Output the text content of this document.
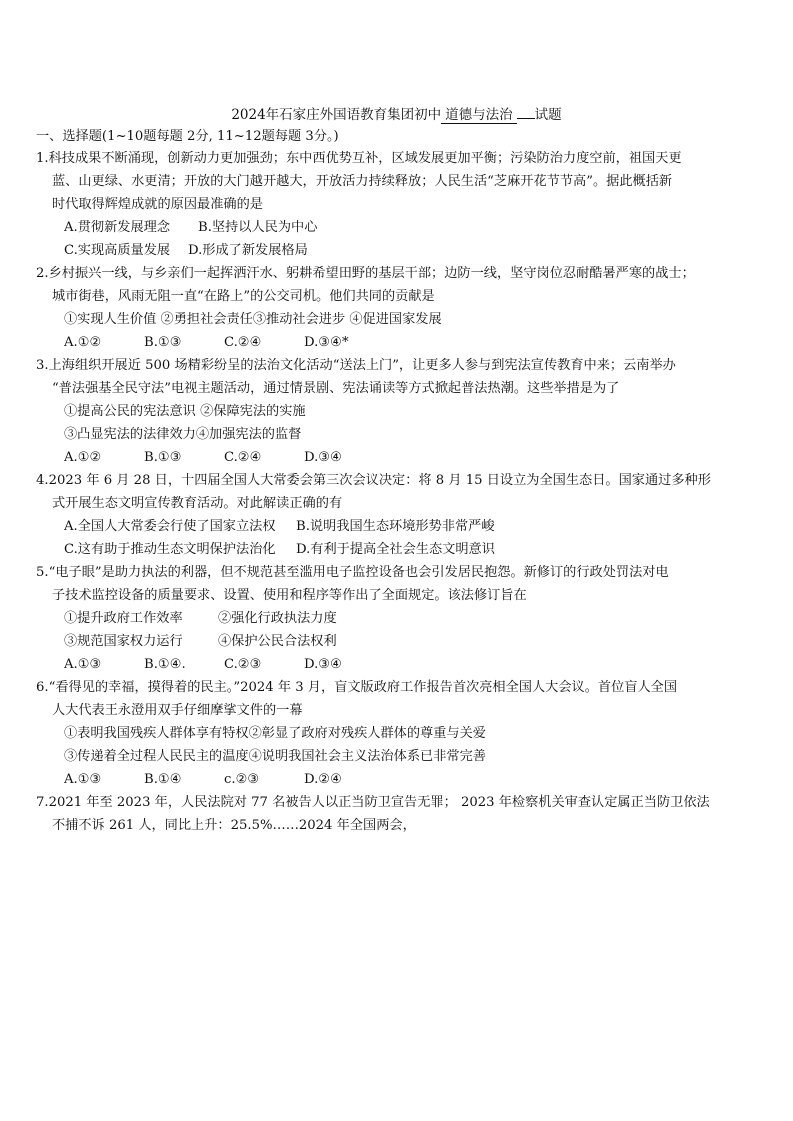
2024年石家庄外国语教育集团初中 道德与法治 试题
一、选择题(1~10题每题 2分, 11~12题每题 3分。)
1.科技成果不断涌现，创新动力更加强劲；东中西优势互补，区域发展更加平衡；污染防治力度空前，祖国天更
蓝、山更绿、水更清；开放的大门越开越大，开放活力持续释放；人民生活“芝麻开花节节高”。据此概括新
时代取得辉煌成就的原因最准确的是
A.贯彻新发展理念 B.坚持以人民为中心
C.实现高质量发展 D.形成了新发展格局
2.乡村振兴一线，与乡亲们一起挥洒汗水、躬耕希望田野的基层干部；边防一线，坚守岗位忍耐酷暑严寒的战士；
城市街巷，风雨无阻一直“在路上”的公交司机。他们共同的贡献是
①实现人生价值 ②勇担社会责任③推动社会进步 ④促进国家发展
A.①②	B.①③	C.②④	D.③④*
3.上海组织开展近 500 场精彩纷呈的法治文化活动“送法上门”，让更多人参与到宪法宣传教育中来；云南举办
“普法强基全民守法”电视主题活动，通过情景剧、宪法诵读等方式掀起普法热潮。这些举措是为了
①提高公民的宪法意识 ②保障宪法的实施
③凸显宪法的法律效力④加强宪法的监督
A.①②	B.①③	C.②④	D.③④
4.2023 年 6 月 28 日，十四届全国人大常委会第三次会议决定：将 8 月 15 日设立为全国生态日。国家通过多种形
式开展生态文明宣传教育活动。对此解读正确的有
A.全国人大常委会行使了国家立法权 B.说明我国生态环境形势非常严峻
C.这有助于推动生态文明保护法治化 D.有利于提高全社会生态文明意识
5.“电子眼”是助力执法的利器，但不规范甚至滥用电子监控设备也会引发居民抱怨。新修订的行政处罚法对电
子技术监控设备的质量要求、设置、使用和程序等作出了全面规定。该法修订旨在
①提升政府工作效率	②强化行政执法力度
③规范国家权力运行	④保护公民合法权利
A.①③	B.①④.	C.②③	D.③④
6.“看得见的幸福，摸得着的民主。”2024 年 3 月，盲文版政府工作报告首次亮相全国人大会议。首位盲人全国
人大代表王永澄用双手仔细摩挲文件的一幕
①表明我国残疾人群体享有特权②彰显了政府对残疾人群体的尊重与关爱
③传递着全过程人民民主的温度④说明我国社会主义法治体系已非常完善
A.①③	B.①④	c.②③	D.②④
7.2021 年至 2023 年，人民法院对 77 名被告人以正当防卫宣告无罪； 2023 年检察机关审查认定属正当防卫依法
不捕不诉 261 人，同比上升：25.5%……2024 年全国两会，
